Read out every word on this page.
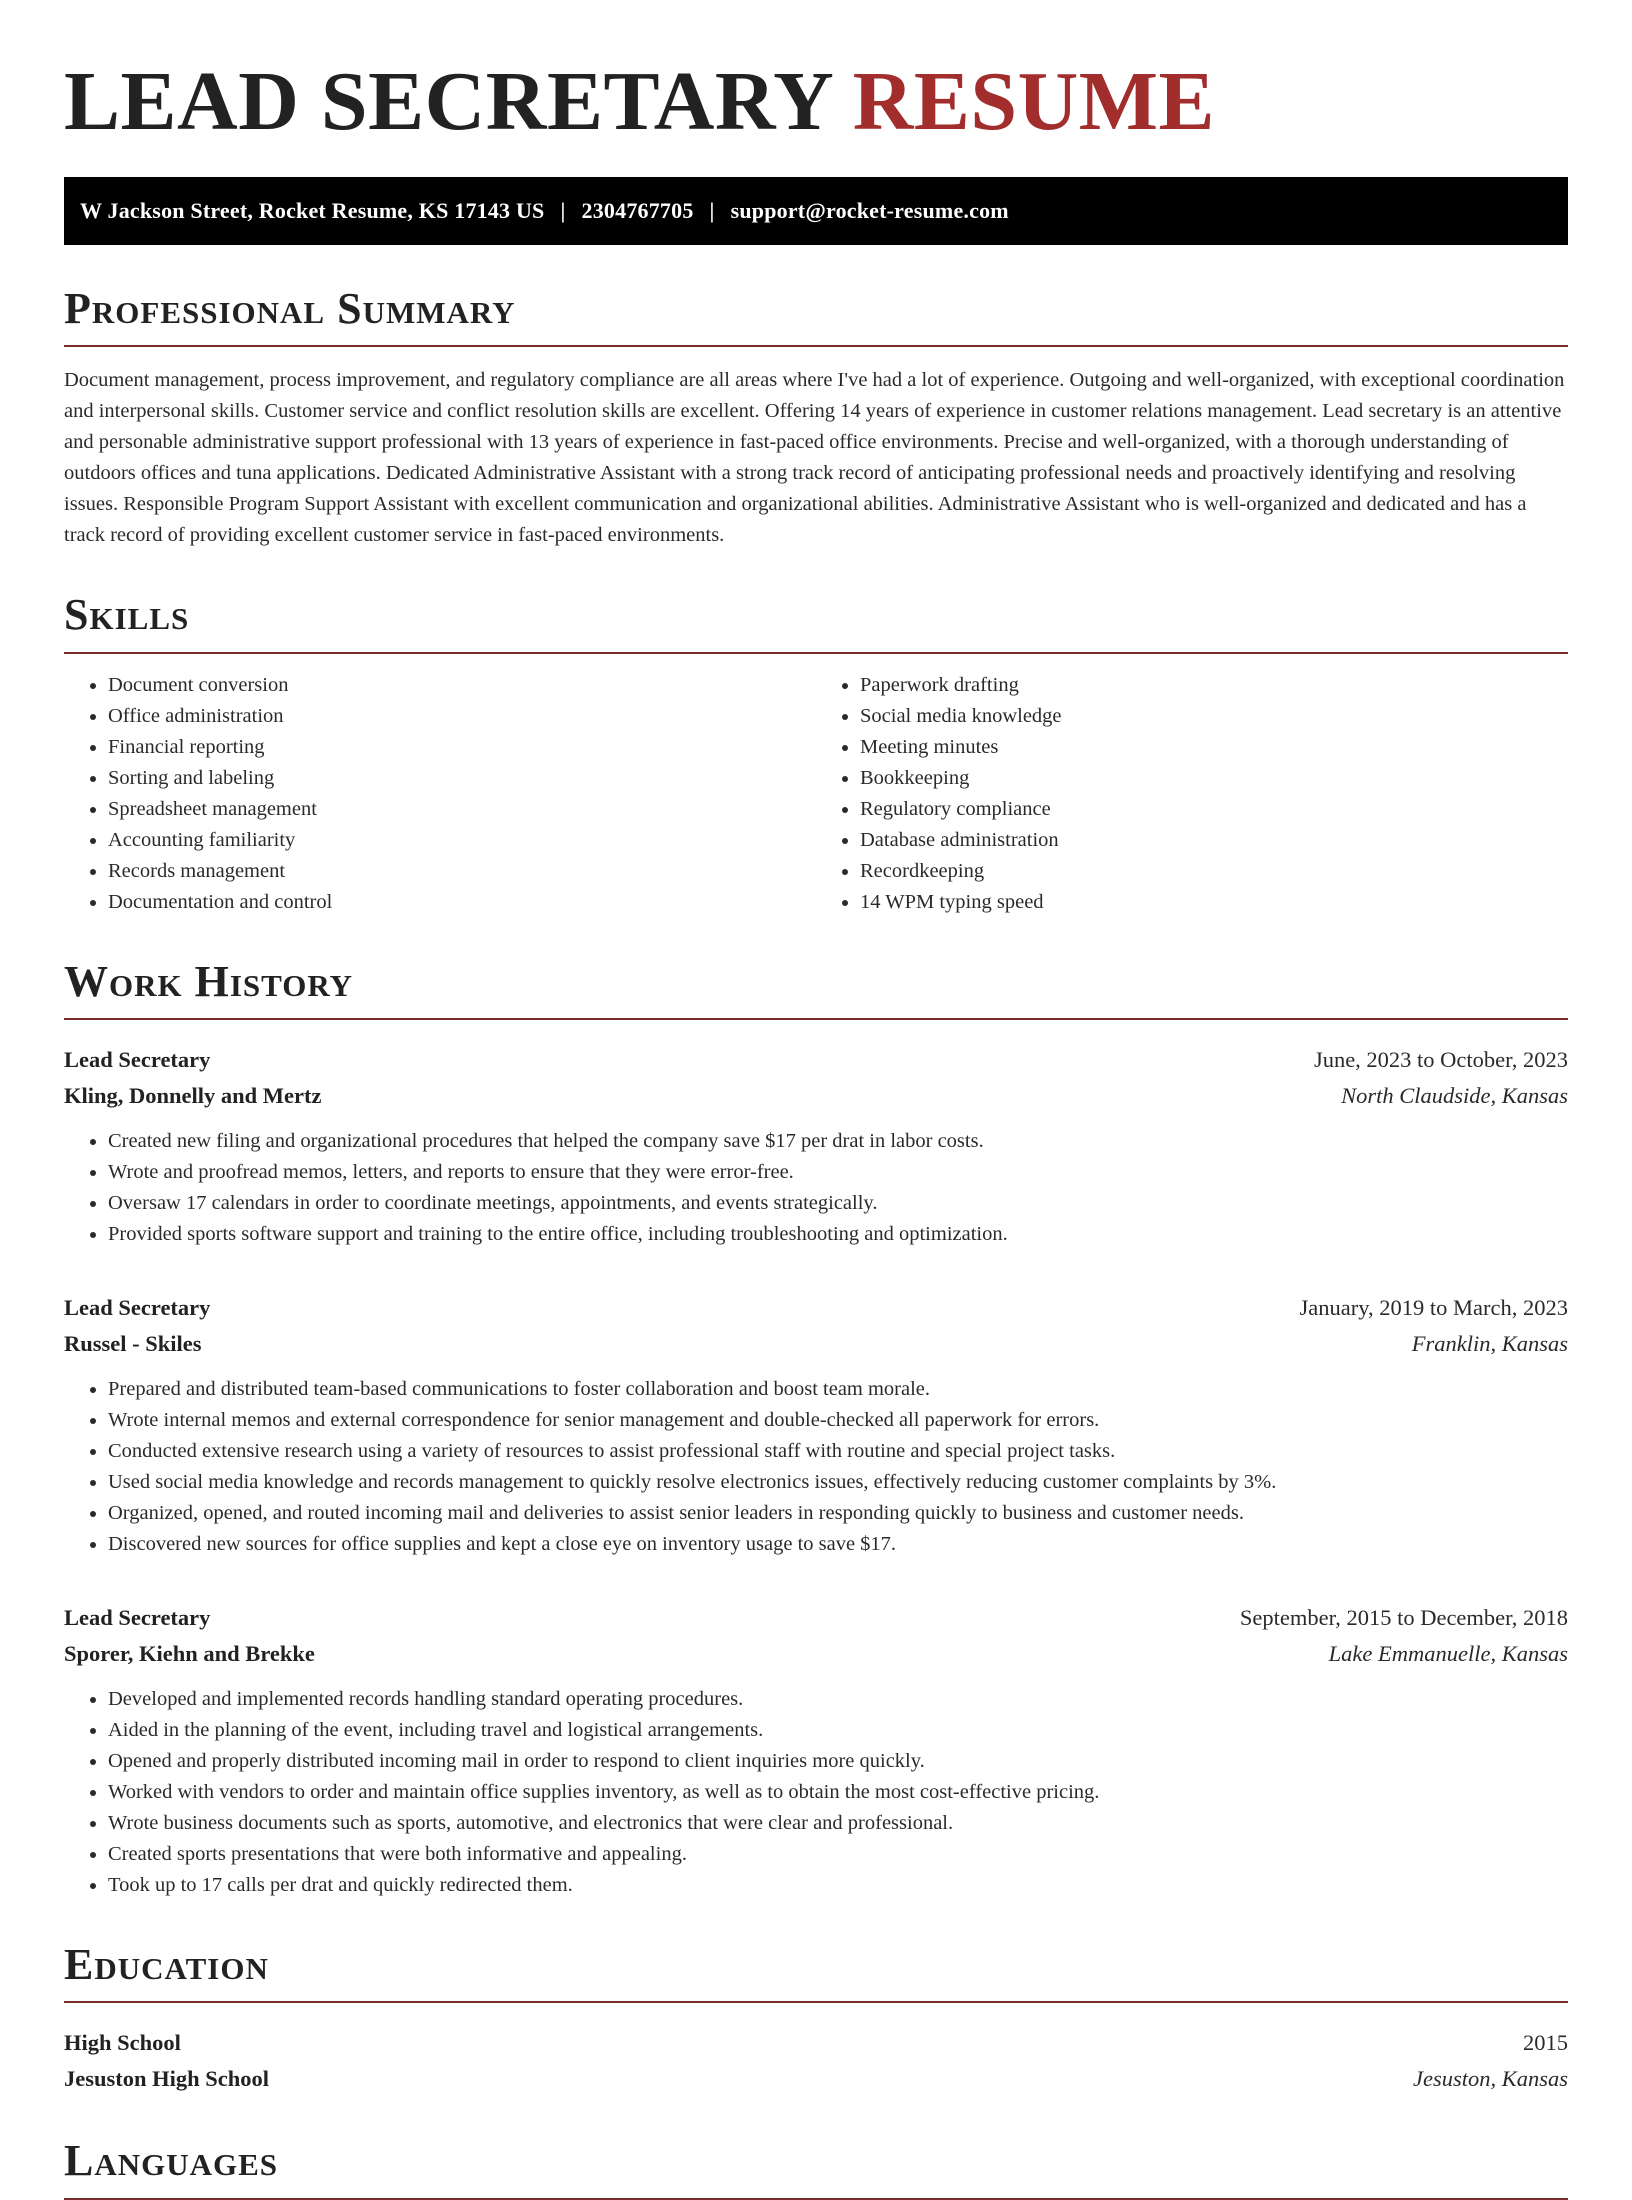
LEAD SECRETARY RESUME
W Jackson Street, Rocket Resume, KS 17143 US | 2304767705 | support@rocket-resume.com
Professional Summary

Document management, process improvement, and regulatory compliance are all areas where I've had a lot of experience. Outgoing and well-organized, with exceptional coordination and interpersonal skills. Customer service and conflict resolution skills are excellent. Offering 14 years of experience in customer relations management. Lead secretary is an attentive and personable administrative support professional with 13 years of experience in fast-paced office environments. Precise and well-organized, with a thorough understanding of outdoors offices and tuna applications. Dedicated Administrative Assistant with a strong track record of anticipating professional needs and proactively identifying and resolving issues. Responsible Program Support Assistant with excellent communication and organizational abilities. Administrative Assistant who is well-organized and dedicated and has a track record of providing excellent customer service in fast-paced environments.

Skills
• Document conversion
• Office administration
• Financial reporting
• Sorting and labeling
• Spreadsheet management
• Accounting familiarity
• Records management
• Documentation and control
• Paperwork drafting
• Social media knowledge
• Meeting minutes
• Bookkeeping
• Regulatory compliance
• Database administration
• Recordkeeping
• 14 WPM typing speed
Work History
Lead Secretary	June, 2023 to October, 2023
Kling, Donnelly and Mertz	North Claudside, Kansas
• Created new filing and organizational procedures that helped the company save $17 per drat in labor costs.
• Wrote and proofread memos, letters, and reports to ensure that they were error-free.
• Oversaw 17 calendars in order to coordinate meetings, appointments, and events strategically.
• Provided sports software support and training to the entire office, including troubleshooting and optimization.
Lead Secretary	January, 2019 to March, 2023
Russel - Skiles	Franklin, Kansas
• Prepared and distributed team-based communications to foster collaboration and boost team morale.
• Wrote internal memos and external correspondence for senior management and double-checked all paperwork for errors.
• Conducted extensive research using a variety of resources to assist professional staff with routine and special project tasks.
• Used social media knowledge and records management to quickly resolve electronics issues, effectively reducing customer complaints by 3%.
• Organized, opened, and routed incoming mail and deliveries to assist senior leaders in responding quickly to business and customer needs.
• Discovered new sources for office supplies and kept a close eye on inventory usage to save $17.
Lead Secretary	September, 2015 to December, 2018
Sporer, Kiehn and Brekke	Lake Emmanuelle, Kansas
• Developed and implemented records handling standard operating procedures.
• Aided in the planning of the event, including travel and logistical arrangements.
• Opened and properly distributed incoming mail in order to respond to client inquiries more quickly.
• Worked with vendors to order and maintain office supplies inventory, as well as to obtain the most cost-effective pricing.
• Wrote business documents such as sports, automotive, and electronics that were clear and professional.
• Created sports presentations that were both informative and appealing.
• Took up to 17 calls per drat and quickly redirected them.
Education
High School	2015
Jesuston High School	Jesuston, Kansas
Languages
